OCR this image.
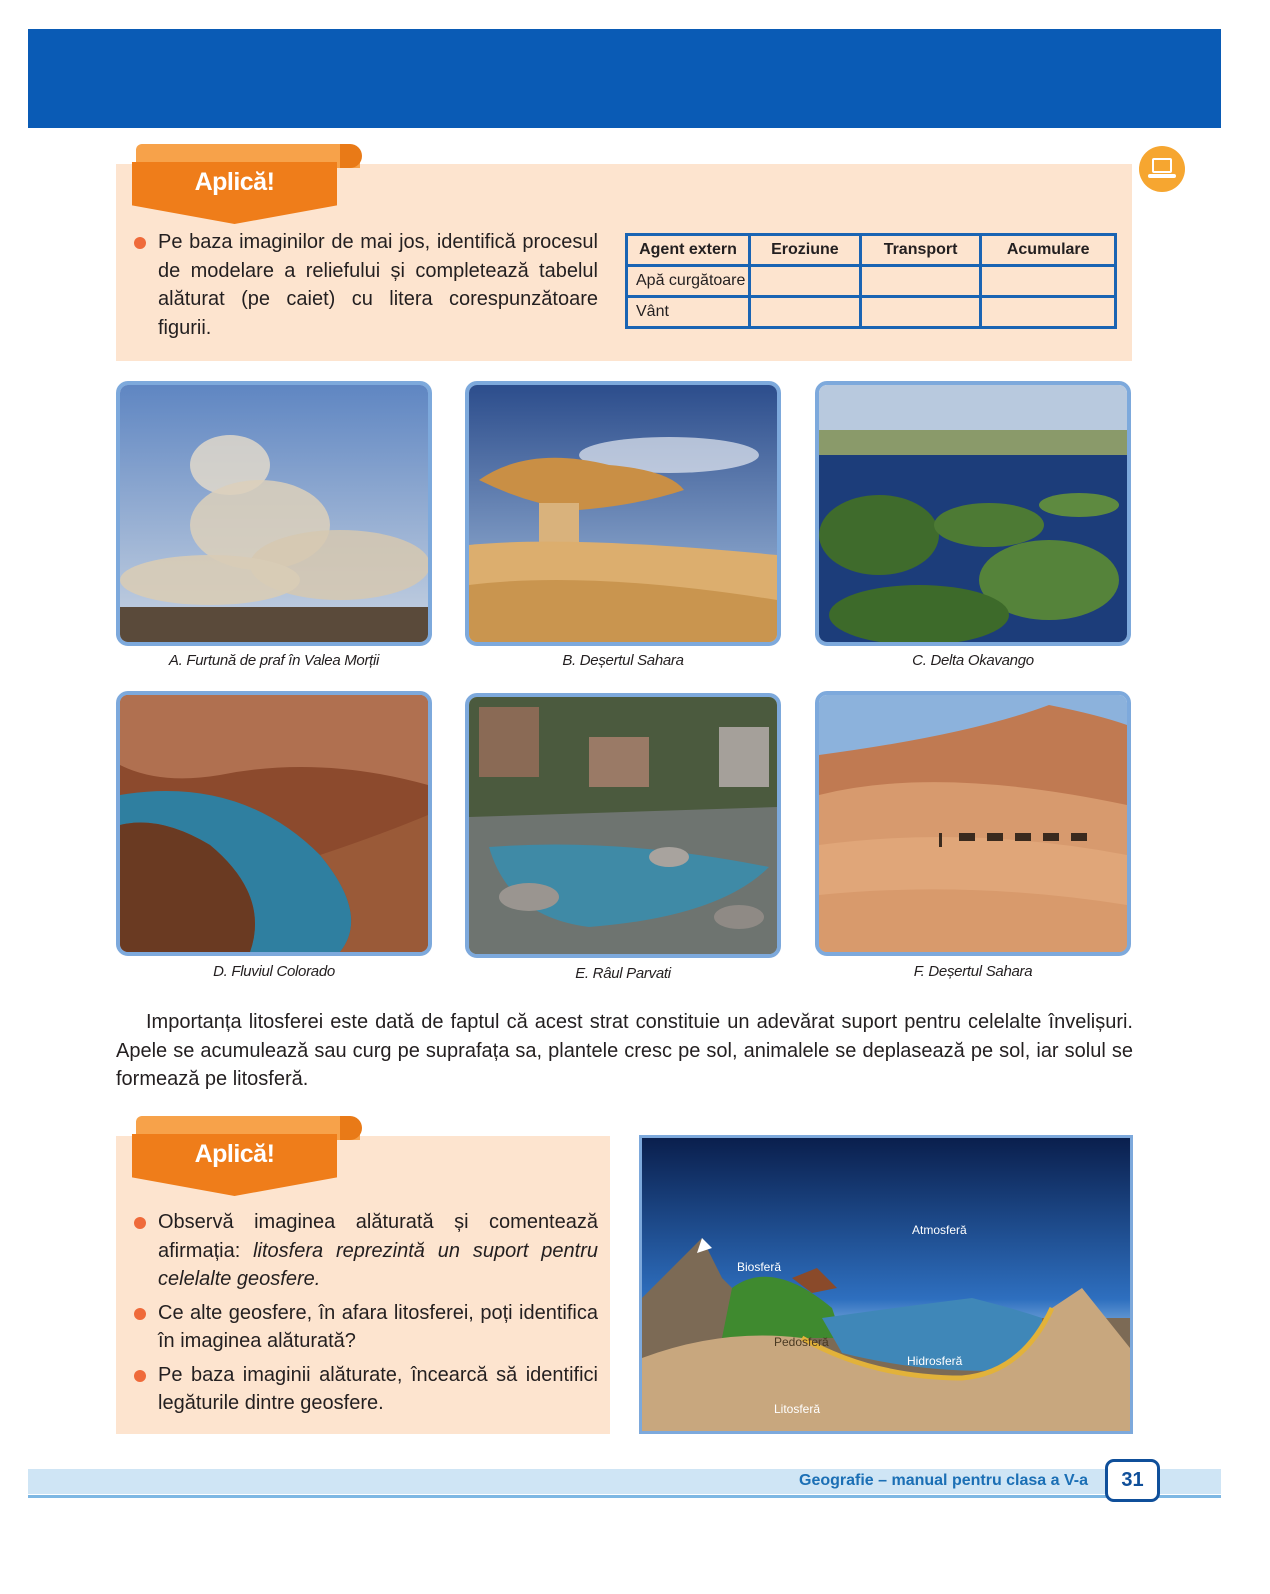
Aplică!
Pe baza imaginilor de mai jos, identifică procesul de modelare a reliefului și completează tabelul alăturat (pe caiet) cu litera corespunzătoare figurii.
Agent extern	Eroziune	Transport	Acumulare
Apă curgătoare			
Vânt			
A. Furtună de praf în Valea Morții	B. Deșertul Sahara	C. Delta Okavango
D. Fluviul Colorado	E. Râul Parvati	F. Deșertul Sahara

Importanța litosferei este dată de faptul că acest strat constituie un adevărat suport pentru celelalte învelișuri. Apele se acumulează sau curg pe suprafața sa, plantele cresc pe sol, animalele se deplasează pe sol, iar solul se formează pe litosferă.

Aplică!
Observă imaginea alăturată și comentează afirmația: litosfera reprezintă un suport pentru celelalte geosfere.
Ce alte geosfere, în afara litosferei, poți identifica în imaginea alăturată?
Pe baza imaginii alăturate, încearcă să identifici legăturile dintre geosfere.
Atmosferă
Biosferă
Pedosferă
Hidrosferă
Litosferă
Geografie – manual pentru clasa a V-a	31
